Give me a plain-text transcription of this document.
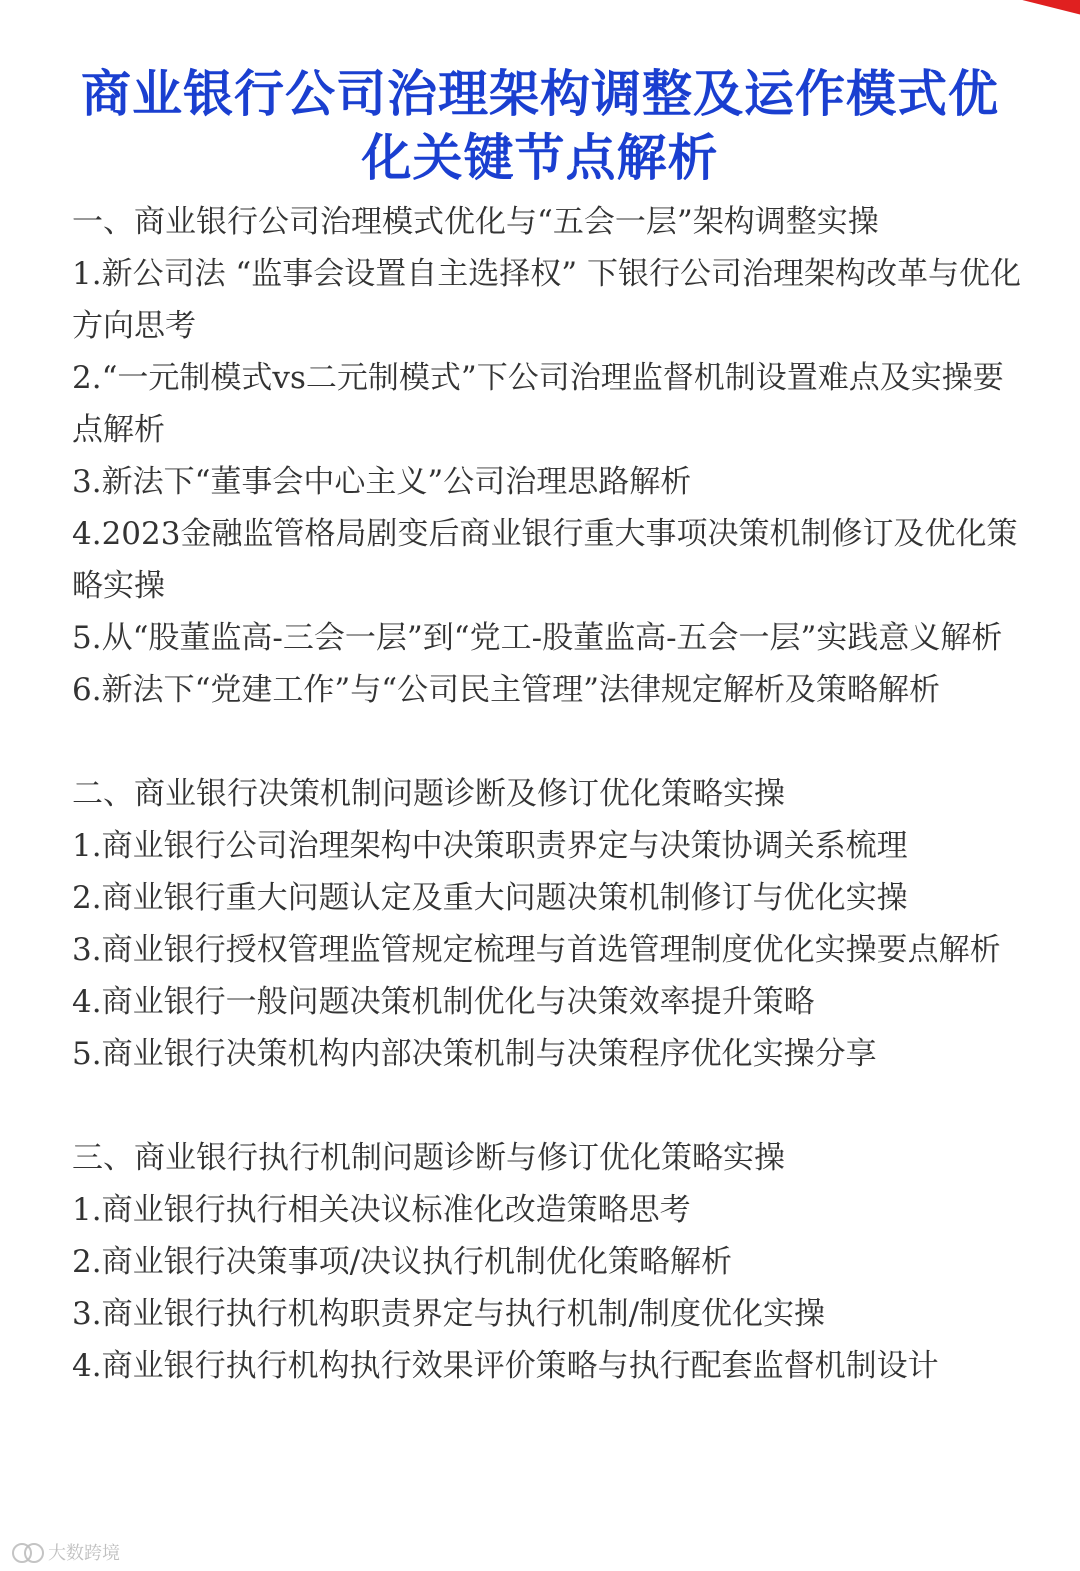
商业银行公司治理架构调整及运作模式优
化关键节点解析

一、商业银行公司治理模式优化与“五会一层”架构调整实操

1.新公司法 “监事会设置自主选择权” 下银行公司治理架构改革与优化方向思考

2.“一元制模式vs二元制模式”下公司治理监督机制设置难点及实操要点解析

3.新法下“董事会中心主义”公司治理思路解析

4.2023金融监管格局剧变后商业银行重大事项决策机制修订及优化策略实操

5.从“股董监高-三会一层”到“党工-股董监高-五会一层”实践意义解析

6.新法下“党建工作”与“公司民主管理”法律规定解析及策略解析

二、商业银行决策机制问题诊断及修订优化策略实操

1.商业银行公司治理架构中决策职责界定与决策协调关系梳理

2.商业银行重大问题认定及重大问题决策机制修订与优化实操

3.商业银行授权管理监管规定梳理与首选管理制度优化实操要点解析

4.商业银行一般问题决策机制优化与决策效率提升策略

5.商业银行决策机构内部决策机制与决策程序优化实操分享

三、商业银行执行机制问题诊断与修订优化策略实操

1.商业银行执行相关决议标准化改造策略思考

2.商业银行决策事项/决议执行机制优化策略解析

3.商业银行执行机构职责界定与执行机制/制度优化实操

4.商业银行执行机构执行效果评价策略与执行配套监督机制设计

大数跨境
